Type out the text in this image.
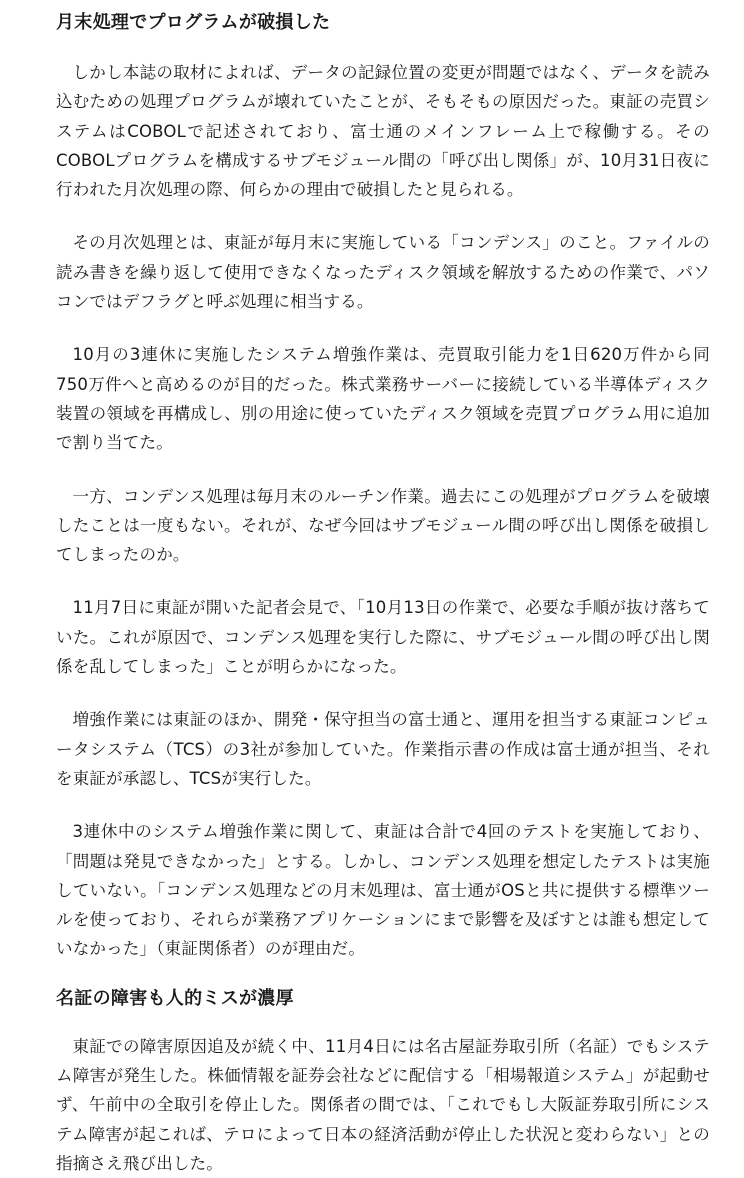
月末処理でプログラムが破損した

しかし本誌の取材によれば、データの記録位置の変更が問題ではなく、データを読み込むための処理プログラムが壊れていたことが、そもそもの原因だった。東証の売買システムはCOBOLで記述されており、富士通のメインフレーム上で稼働する。そのCOBOLプログラムを構成するサブモジュール間の「呼び出し関係」が、10月31日夜に行われた月次処理の際、何らかの理由で破損したと見られる。

その月次処理とは、東証が毎月末に実施している「コンデンス」のこと。ファイルの読み書きを繰り返して使用できなくなったディスク領域を解放するための作業で、パソコンではデフラグと呼ぶ処理に相当する。

10月の3連休に実施したシステム増強作業は、売買取引能力を1日620万件から同750万件へと高めるのが目的だった。株式業務サーバーに接続している半導体ディスク装置の領域を再構成し、別の用途に使っていたディスク領域を売買プログラム用に追加で割り当てた。

一方、コンデンス処理は毎月末のルーチン作業。過去にこの処理がプログラムを破壊したことは一度もない。それが、なぜ今回はサブモジュール間の呼び出し関係を破損してしまったのか。

11月7日に東証が開いた記者会見で、「10月13日の作業で、必要な手順が抜け落ちていた。これが原因で、コンデンス処理を実行した際に、サブモジュール間の呼び出し関係を乱してしまった」ことが明らかになった。

増強作業には東証のほか、開発・保守担当の富士通と、運用を担当する東証コンピュータシステム（TCS）の3社が参加していた。作業指示書の作成は富士通が担当、それを東証が承認し、TCSが実行した。

3連休中のシステム増強作業に関して、東証は合計で4回のテストを実施しており、「問題は発見できなかった」とする。しかし、コンデンス処理を想定したテストは実施していない。「コンデンス処理などの月末処理は、富士通がOSと共に提供する標準ツールを使っており、それらが業務アプリケーションにまで影響を及ぼすとは誰も想定していなかった」（東証関係者）のが理由だ。

名証の障害も人的ミスが濃厚

東証での障害原因追及が続く中、11月4日には名古屋証券取引所（名証）でもシステム障害が発生した。株価情報を証券会社などに配信する「相場報道システム」が起動せず、午前中の全取引を停止した。関係者の間では、「これでもし大阪証券取引所にシステム障害が起これば、テロによって日本の経済活動が停止した状況と変わらない」との指摘さえ飛び出した。
